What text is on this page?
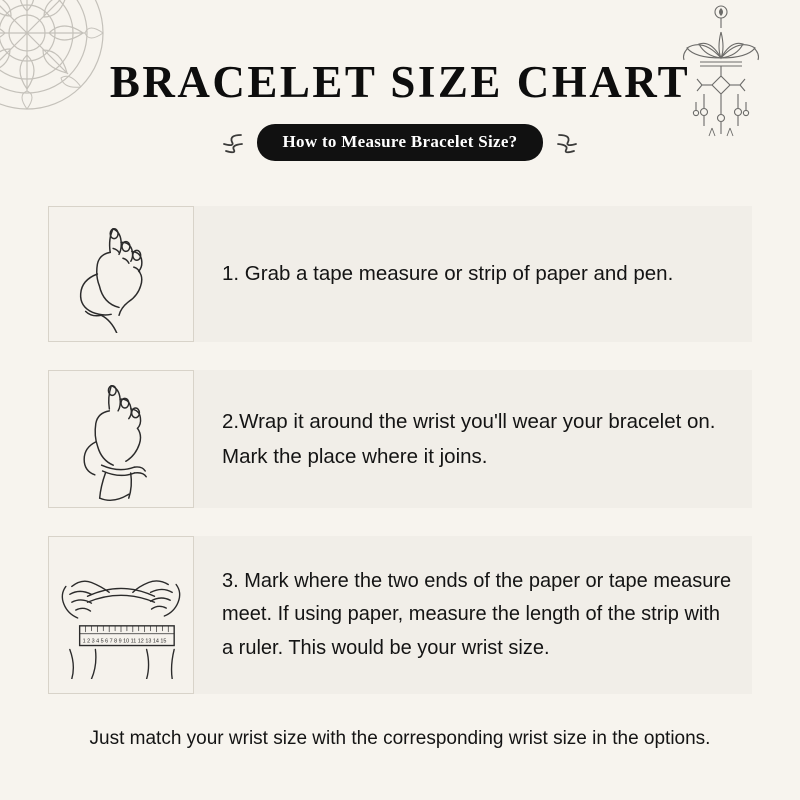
BRACELET SIZE CHART
How to Measure Bracelet Size?
1. Grab a tape measure or strip of paper and pen.
2.Wrap it around the wrist you'll wear your bracelet on. Mark the place where it joins.
1 2 3 4 5 6 7 8 9 10 11 12 13 14 15
3. Mark where the two ends of the paper or tape measure meet. If using paper, measure the length of the strip with a ruler. This would be your wrist size.
Just match your wrist size with the corresponding wrist size in the options.
